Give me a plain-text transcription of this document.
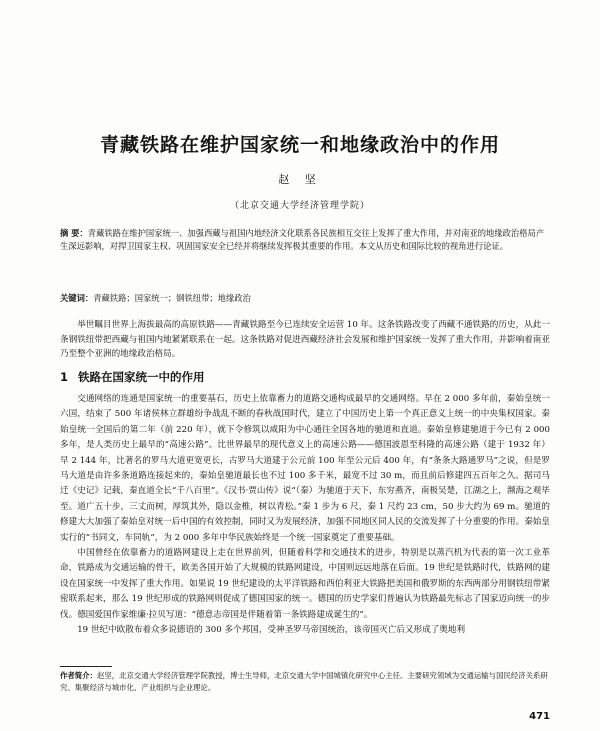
青藏铁路在维护国家统一和地缘政治中的作用
赵 坚
（北京交通大学经济管理学院）
摘 要：青藏铁路在维护国家统一、加强西藏与祖国内地经济文化联系各民族相互交往上发挥了重大作用，并对南亚的地缘政治格局产生深远影响，对捍卫国家主权、巩固国家安全已经并将继续发挥极其重要的作用。本文从历史和国际比较的视角进行论证。
关键词：青藏铁路；国家统一；钢铁纽带；地缘政治
举世瞩目世界上海拔最高的高原铁路——青藏铁路至今已连续安全运营 10 年。这条铁路改变了西藏不通铁路的历史，从此一条钢铁纽带把西藏与祖国内地紧紧联系在一起。这条铁路对促进西藏经济社会发展和维护国家统一发挥了重大作用，并影响着南亚乃至整个亚洲的地缘政治格局。
1 铁路在国家统一中的作用

交通网络的连通是国家统一的重要基石，历史上依靠畜力的道路交通构成最早的交通网络。早在 2 000 多年前，秦始皇统一六国，结束了 500 年诸侯林立群雄纷争战乱不断的春秋战国时代，建立了中国历史上第一个真正意义上统一的中央集权国家。秦始皇统一全国后的第二年（前 220 年），就下令修筑以咸阳为中心通往全国各地的驰道和直道。秦始皇修建驰道于今已有 2 000 多年，是人类历史上最早的“高速公路”。比世界最早的现代意义上的高速公路——德国波恩至科隆的高速公路（建于 1932 年）早 2 144 年，比著名的罗马大道更宽更长，古罗马大道建于公元前 100 年至公元后 400 年，有“条条大路通罗马”之说，但是罗马大道是由许多条道路连接起来的，秦始皇驰道最长也不过 100 多千米，最宽不过 30 m，而且前后修建四五百年之久。据司马迁《史记》记载，秦直道全长“千八百里”。《汉书·贾山传》说“（秦）为驰道于天下，东穷燕齐，南极吴楚，江湖之上，濒海之观毕至。道广五十步，三丈而树，厚筑其外，隐以金椎，树以青松。”秦 1 步为 6 尺，秦 1 尺约 23 cm，50 步大约为 69 m。驰道的修建大大加强了秦始皇对统一后中国的有效控制，同时又为发展经济，加强不同地区同人民的交流发挥了十分重要的作用。秦始皇实行的“书同文，车同轨”，为 2 000 多年中华民族始终是一个统一国家奠定了重要基础。

中国曾经在依靠畜力的道路网建设上走在世界前列，但随着科学和交通技术的进步，特别是以蒸汽机为代表的第一次工业革命，铁路成为交通运输的骨干，欧美各国开始了大规模的铁路网建设，中国则远远地落在后面。19 世纪是铁路时代，铁路网的建设在国家统一中发挥了重大作用。如果说 19 世纪建设的太平洋铁路和西伯利亚大铁路把美国和俄罗斯的东西两部分用钢铁纽带紧密联系起来，那么 19 世纪形成的铁路网则促成了德国国家的统一。德国的历史学家们普遍认为铁路最先标志了国家迈向统一的步伐。德国爱国作家维廉·拉贝写道：“德意志帝国是伴随着第一条铁路建成诞生的”。

19 世纪中欧散布着众多说德语的 300 多个邦国，受神圣罗马帝国统治，该帝国灭亡后又形成了奥地利

作者简介：赵坚，北京交通大学经济管理学院教授，博士生导师，北京交通大学中国城镇化研究中心主任。主要研究领域为交通运输与国民经济关系研究、集聚经济与城市化、产业组织与企业理论。
471
